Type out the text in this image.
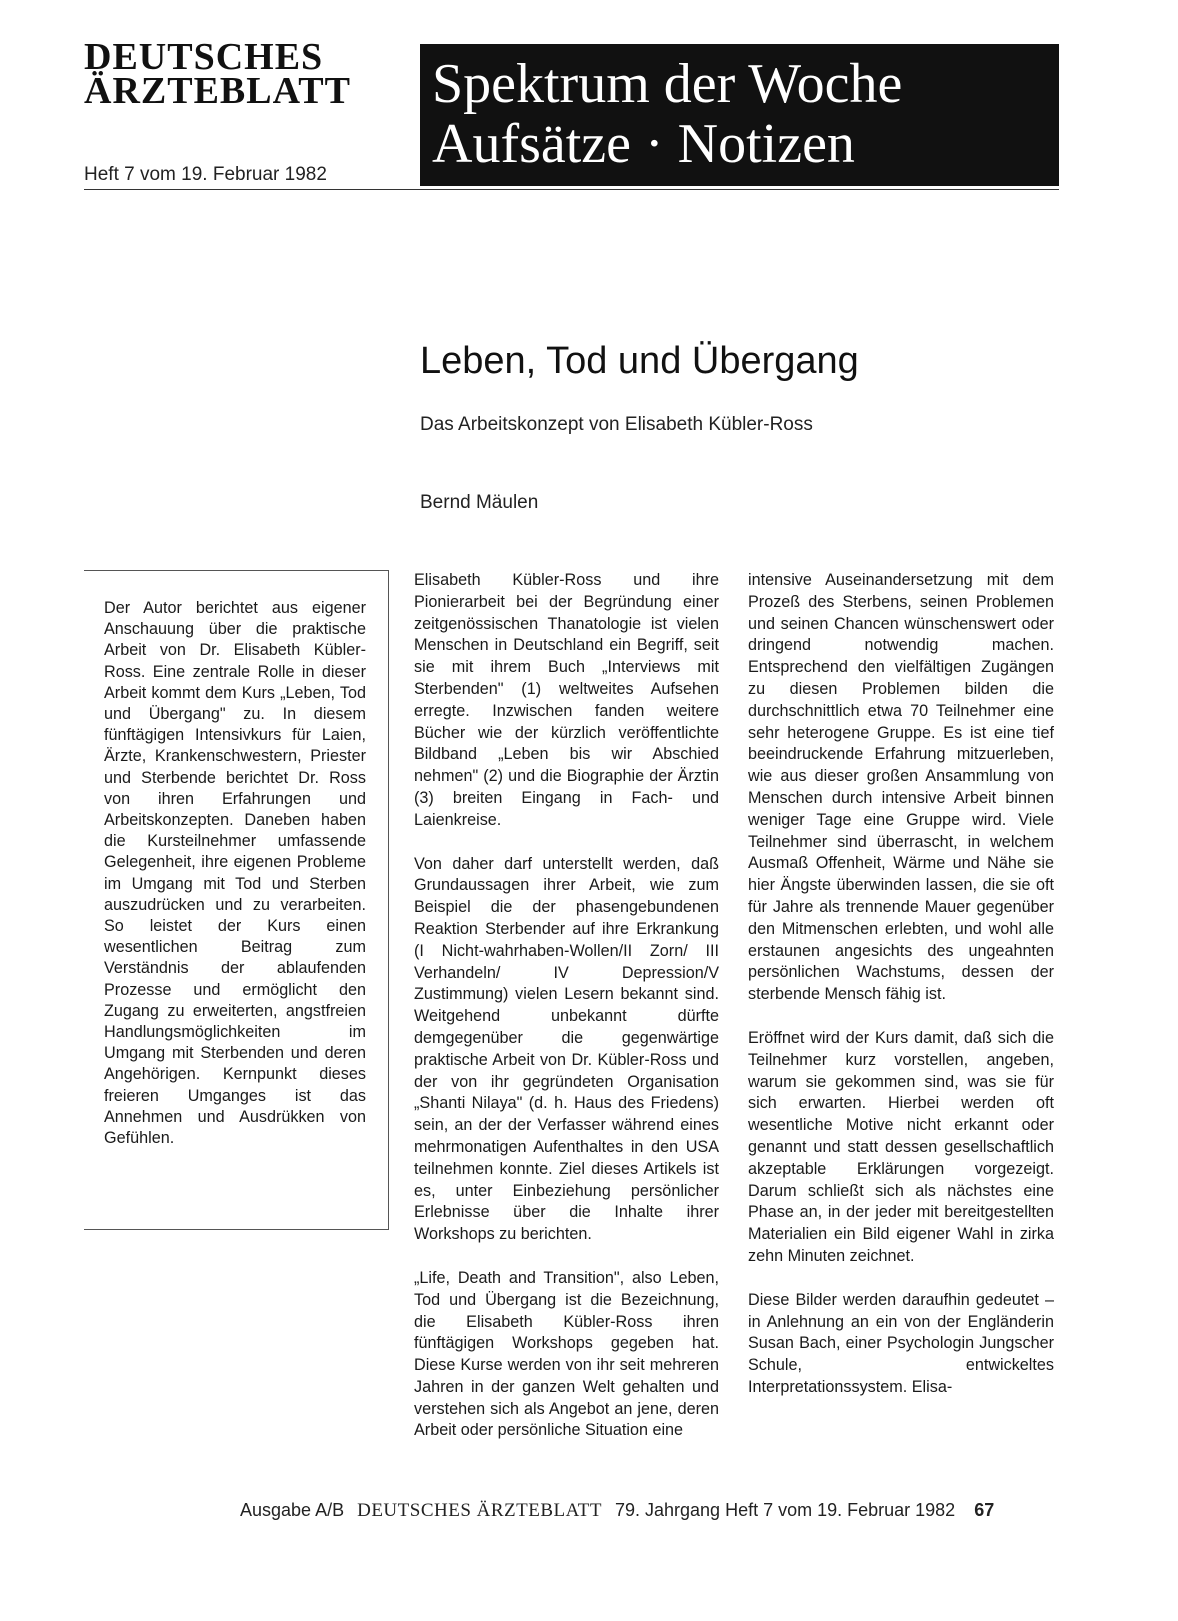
DEUTSCHES
ÄRZTEBLATT
Heft 7 vom 19. Februar 1982
Spektrum der Woche
Aufsätze · Notizen
Leben, Tod und Übergang
Das Arbeitskonzept von Elisabeth Kübler-Ross
Bernd Mäulen
Der Autor berichtet aus eigener Anschauung über die praktische Arbeit von Dr. Elisabeth Kübler-Ross. Eine zentrale Rolle in dieser Arbeit kommt dem Kurs „Leben, Tod und Übergang" zu. In diesem fünftägigen Intensivkurs für Laien, Ärzte, Krankenschwestern, Priester und Sterbende berichtet Dr. Ross von ihren Erfahrungen und Arbeitskonzepten. Daneben haben die Kursteilnehmer umfassende Gelegenheit, ihre eigenen Probleme im Umgang mit Tod und Sterben auszudrücken und zu verarbeiten. So leistet der Kurs einen wesentlichen Beitrag zum Verständnis der ablaufenden Prozesse und ermöglicht den Zugang zu erweiterten, angstfreien Handlungsmöglichkeiten im Umgang mit Sterbenden und deren Angehörigen. Kernpunkt dieses freieren Umganges ist das Annehmen und Ausdrükken von Gefühlen.

Elisabeth Kübler-Ross und ihre Pionierarbeit bei der Begründung einer zeitgenössischen Thanatologie ist vielen Menschen in Deutschland ein Begriff, seit sie mit ihrem Buch „Interviews mit Sterbenden" (1) weltweites Aufsehen erregte. Inzwischen fanden weitere Bücher wie der kürzlich veröffentlichte Bildband „Leben bis wir Abschied nehmen" (2) und die Biographie der Ärztin (3) breiten Eingang in Fach- und Laienkreise.

Von daher darf unterstellt werden, daß Grundaussagen ihrer Arbeit, wie zum Beispiel die der phasengebundenen Reaktion Sterbender auf ihre Erkrankung (I Nicht-wahrhaben-Wollen/II Zorn/ III Verhandeln/ IV Depression/V Zustimmung) vielen Lesern bekannt sind. Weitgehend unbekannt dürfte demgegenüber die gegenwärtige praktische Arbeit von Dr. Kübler-Ross und der von ihr gegründeten Organisation „Shanti Nilaya" (d. h. Haus des Friedens) sein, an der der Verfasser während eines mehrmonatigen Aufenthaltes in den USA teilnehmen konnte. Ziel dieses Artikels ist es, unter Einbeziehung persönlicher Erlebnisse über die Inhalte ihrer Workshops zu berichten.

„Life, Death and Transition", also Leben, Tod und Übergang ist die Bezeichnung, die Elisabeth Kübler-Ross ihren fünftägigen Workshops gegeben hat. Diese Kurse werden von ihr seit mehreren Jahren in der ganzen Welt gehalten und verstehen sich als Angebot an jene, deren Arbeit oder persönliche Situation eine

intensive Auseinandersetzung mit dem Prozeß des Sterbens, seinen Problemen und seinen Chancen wünschenswert oder dringend notwendig machen. Entsprechend den vielfältigen Zugängen zu diesen Problemen bilden die durchschnittlich etwa 70 Teilnehmer eine sehr heterogene Gruppe. Es ist eine tief beeindruckende Erfahrung mitzuerleben, wie aus dieser großen Ansammlung von Menschen durch intensive Arbeit binnen weniger Tage eine Gruppe wird. Viele Teilnehmer sind überrascht, in welchem Ausmaß Offenheit, Wärme und Nähe sie hier Ängste überwinden lassen, die sie oft für Jahre als trennende Mauer gegenüber den Mitmenschen erlebten, und wohl alle erstaunen angesichts des ungeahnten persönlichen Wachstums, dessen der sterbende Mensch fähig ist.

Eröffnet wird der Kurs damit, daß sich die Teilnehmer kurz vorstellen, angeben, warum sie gekommen sind, was sie für sich erwarten. Hierbei werden oft wesentliche Motive nicht erkannt oder genannt und statt dessen gesellschaftlich akzeptable Erklärungen vorgezeigt. Darum schließt sich als nächstes eine Phase an, in der jeder mit bereitgestellten Materialien ein Bild eigener Wahl in zirka zehn Minuten zeichnet.

Diese Bilder werden daraufhin gedeutet – in Anlehnung an ein von der Engländerin Susan Bach, einer Psychologin Jungscher Schule, entwickeltes Interpretationssystem. Elisa-

Ausgabe A/B DEUTSCHES ÄRZTEBLATT 79. Jahrgang Heft 7 vom 19. Februar 1982 67
